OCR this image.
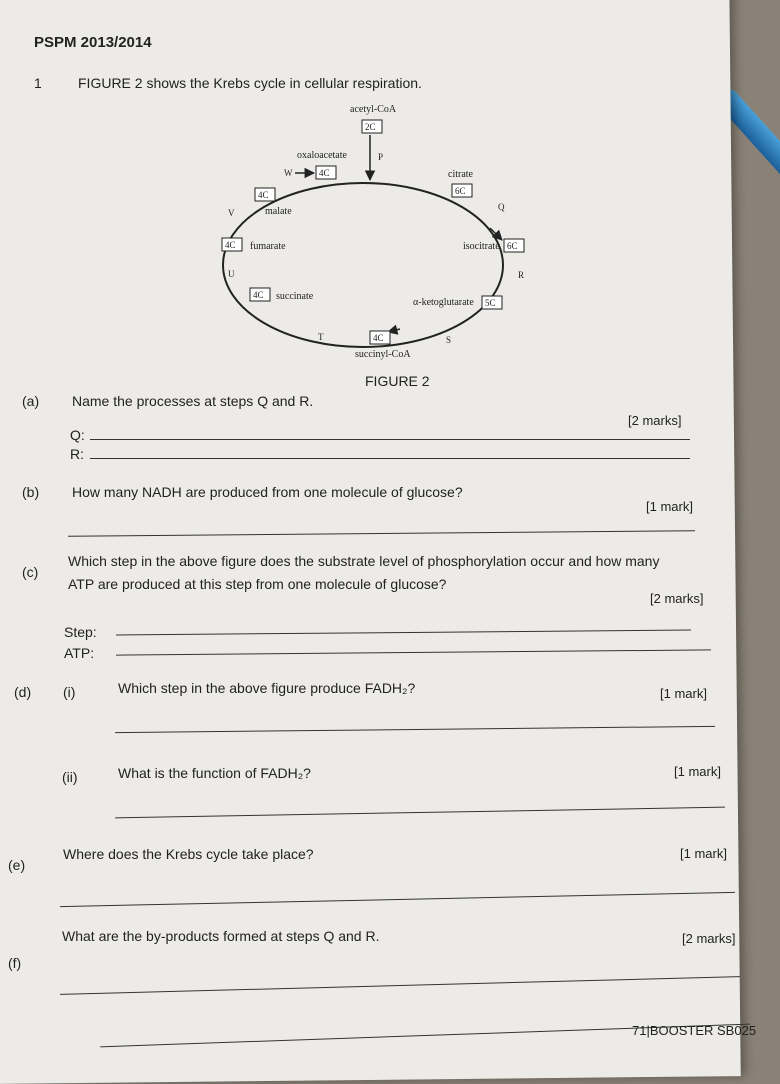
PSPM 2013/2014
1	FIGURE 2 shows the Krebs cycle in cellular respiration.
acetyl-CoA
2C
oxaloacetate
4C
W
P
citrate
6C
Q
isocitrate 6C
R
α-ketoglutarate 5C
S
4C
succinyl-CoA
T
4C succinate
U
4C fumarate
V
4C
malate
FIGURE 2
(a) Name the processes at steps Q and R.
[2 marks]
Q:
R:
(b) How many NADH are produced from one molecule of glucose?
[1 mark]
(c)
Which step in the above figure does the substrate level of phosphorylation occur and how many
ATP are produced at this step from one molecule of glucose?
[2 marks]
Step:
ATP:
(d) (i)	Which step in the above figure produce FADH₂?	[1 mark]
(ii)	What is the function of FADH₂?	[1 mark]
(e)
Where does the Krebs cycle take place?	[1 mark]
(f)
What are the by-products formed at steps Q and R.	[2 marks]
71|BOOSTER SB025
